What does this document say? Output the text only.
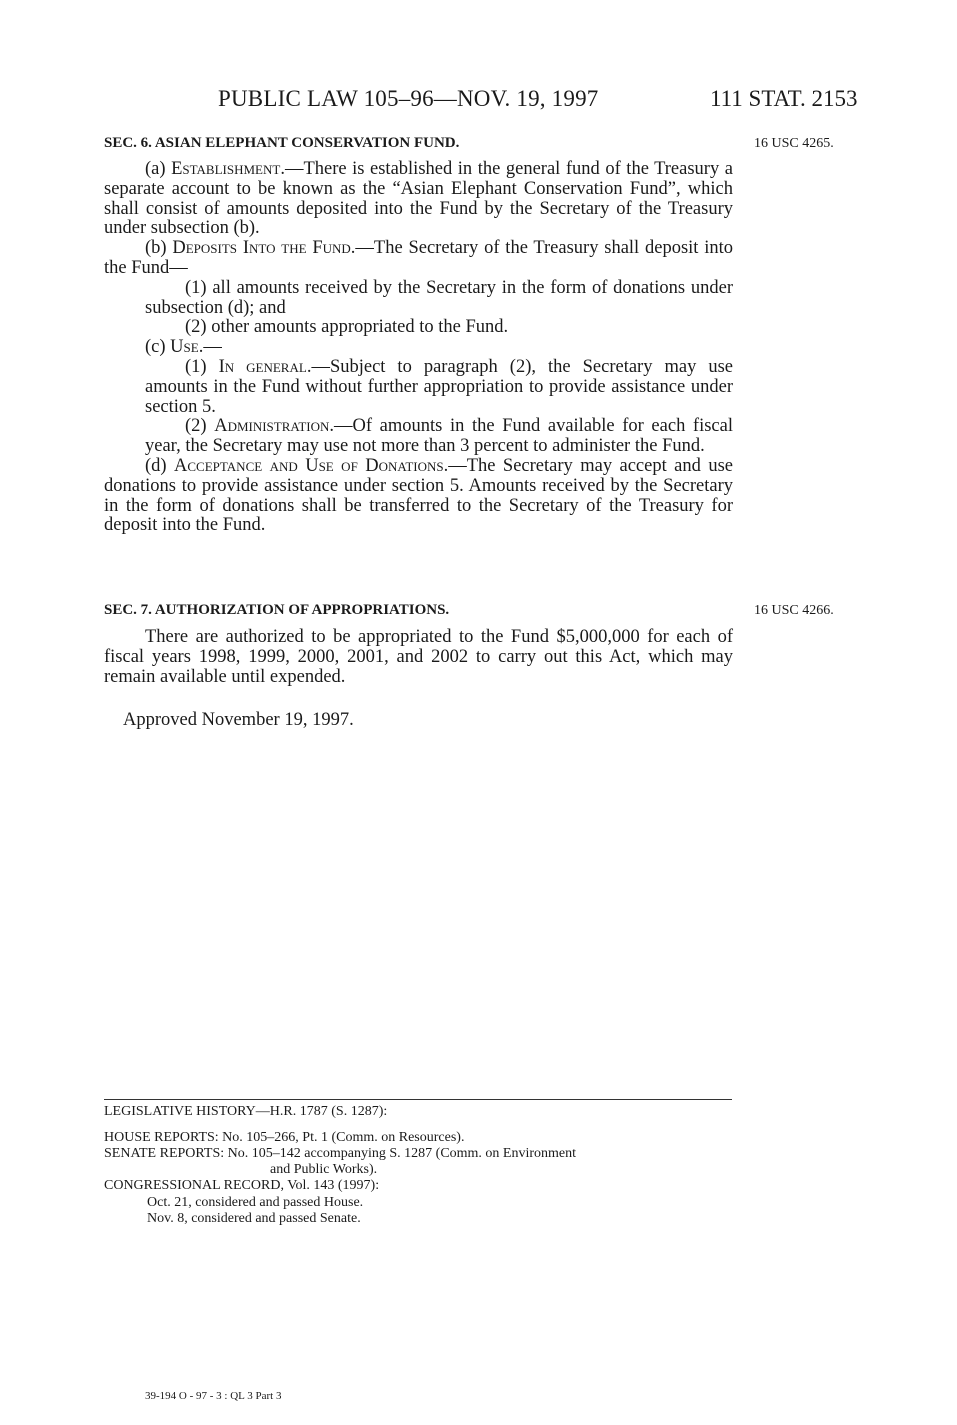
PUBLIC LAW 105–96—NOV. 19, 1997	111 STAT. 2153
SEC. 6. ASIAN ELEPHANT CONSERVATION FUND.	16 USC 4265.

(a) Establishment.—There is established in the general fund of the Treasury a separate account to be known as the “Asian Elephant Conservation Fund”, which shall consist of amounts deposited into the Fund by the Secretary of the Treasury under subsection (b).

(b) Deposits Into the Fund.—The Secretary of the Treasury shall deposit into the Fund—

(1) all amounts received by the Secretary in the form of donations under subsection (d); and

(2) other amounts appropriated to the Fund.

(c) Use.—

(1) In general.—Subject to paragraph (2), the Secretary may use amounts in the Fund without further appropriation to provide assistance under section 5.

(2) Administration.—Of amounts in the Fund available for each fiscal year, the Secretary may use not more than 3 percent to administer the Fund.

(d) Acceptance and Use of Donations.—The Secretary may accept and use donations to provide assistance under section 5. Amounts received by the Secretary in the form of donations shall be transferred to the Secretary of the Treasury for deposit into the Fund.

SEC. 7. AUTHORIZATION OF APPROPRIATIONS.	16 USC 4266.

There are authorized to be appropriated to the Fund $5,000,000 for each of fiscal years 1998, 1999, 2000, 2001, and 2002 to carry out this Act, which may remain available until expended.

Approved November 19, 1997.
LEGISLATIVE HISTORY—H.R. 1787 (S. 1287):
HOUSE REPORTS: No. 105–266, Pt. 1 (Comm. on Resources).
SENATE REPORTS: No. 105–142 accompanying S. 1287 (Comm. on Environment
and Public Works).
CONGRESSIONAL RECORD, Vol. 143 (1997):
Oct. 21, considered and passed House.
Nov. 8, considered and passed Senate.
39-194 O - 97 - 3 : QL 3 Part 3
